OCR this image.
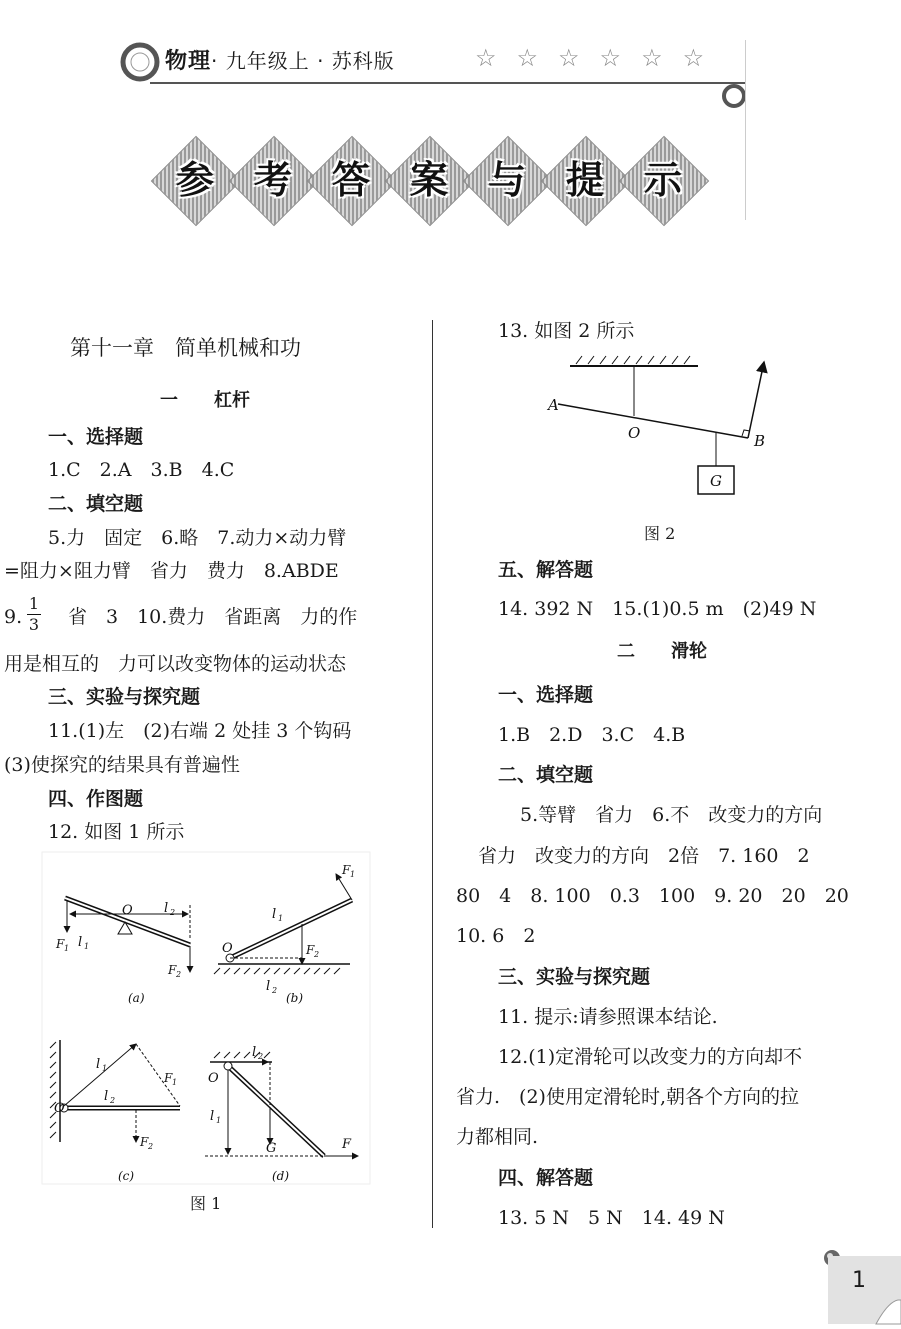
物理· 九年级上 · 苏科版	☆☆☆☆☆☆
参	考	答	案	与	提	示
第十一章　简单机械和功
一　　杠杆
一、选择题
1.C　2.A　3.B　4.C
二、填空题
5.力　固定　6.略　7.动力×动力臂
=阻力×阻力臂　省力　费力　8.ABDE
9.
1
3 省　3　10.费力　省距离　力的作
用是相互的　力可以改变物体的运动状态
三、实验与探究题
11.(1)左　(2)右端 2 处挂 3 个钩码
(3)使探究的结果具有普遍性
四、作图题
12. 如图 1 所示
O
F 1 l 1
l 2
F 2
(a)
O
F 1
l 1
F 2
l 2
(b)
O
l 1
l 2
F 1
F 2
(c)
O
l 2
l 1
G	F
(d)
图 1
13. 如图 2 所示
A
O	B
G
图 2
五、解答题
14. 392 N　15.(1)0.5 m　(2)49 N
二　　滑轮
一、选择题
1.B　2.D　3.C　4.B
二、填空题
5.等臂　省力　6.不　改变力的方向
省力　改变力的方向　2倍　7. 160　2
80　4　8. 100　0.3　100　9. 20　20　20
10. 6　2
三、实验与探究题
11. 提示:请参照课本结论.
12.(1)定滑轮可以改变力的方向却不
省力.　(2)使用定滑轮时,朝各个方向的拉
力都相同.
四、解答题
13. 5 N　5 N　14. 49 N
1
